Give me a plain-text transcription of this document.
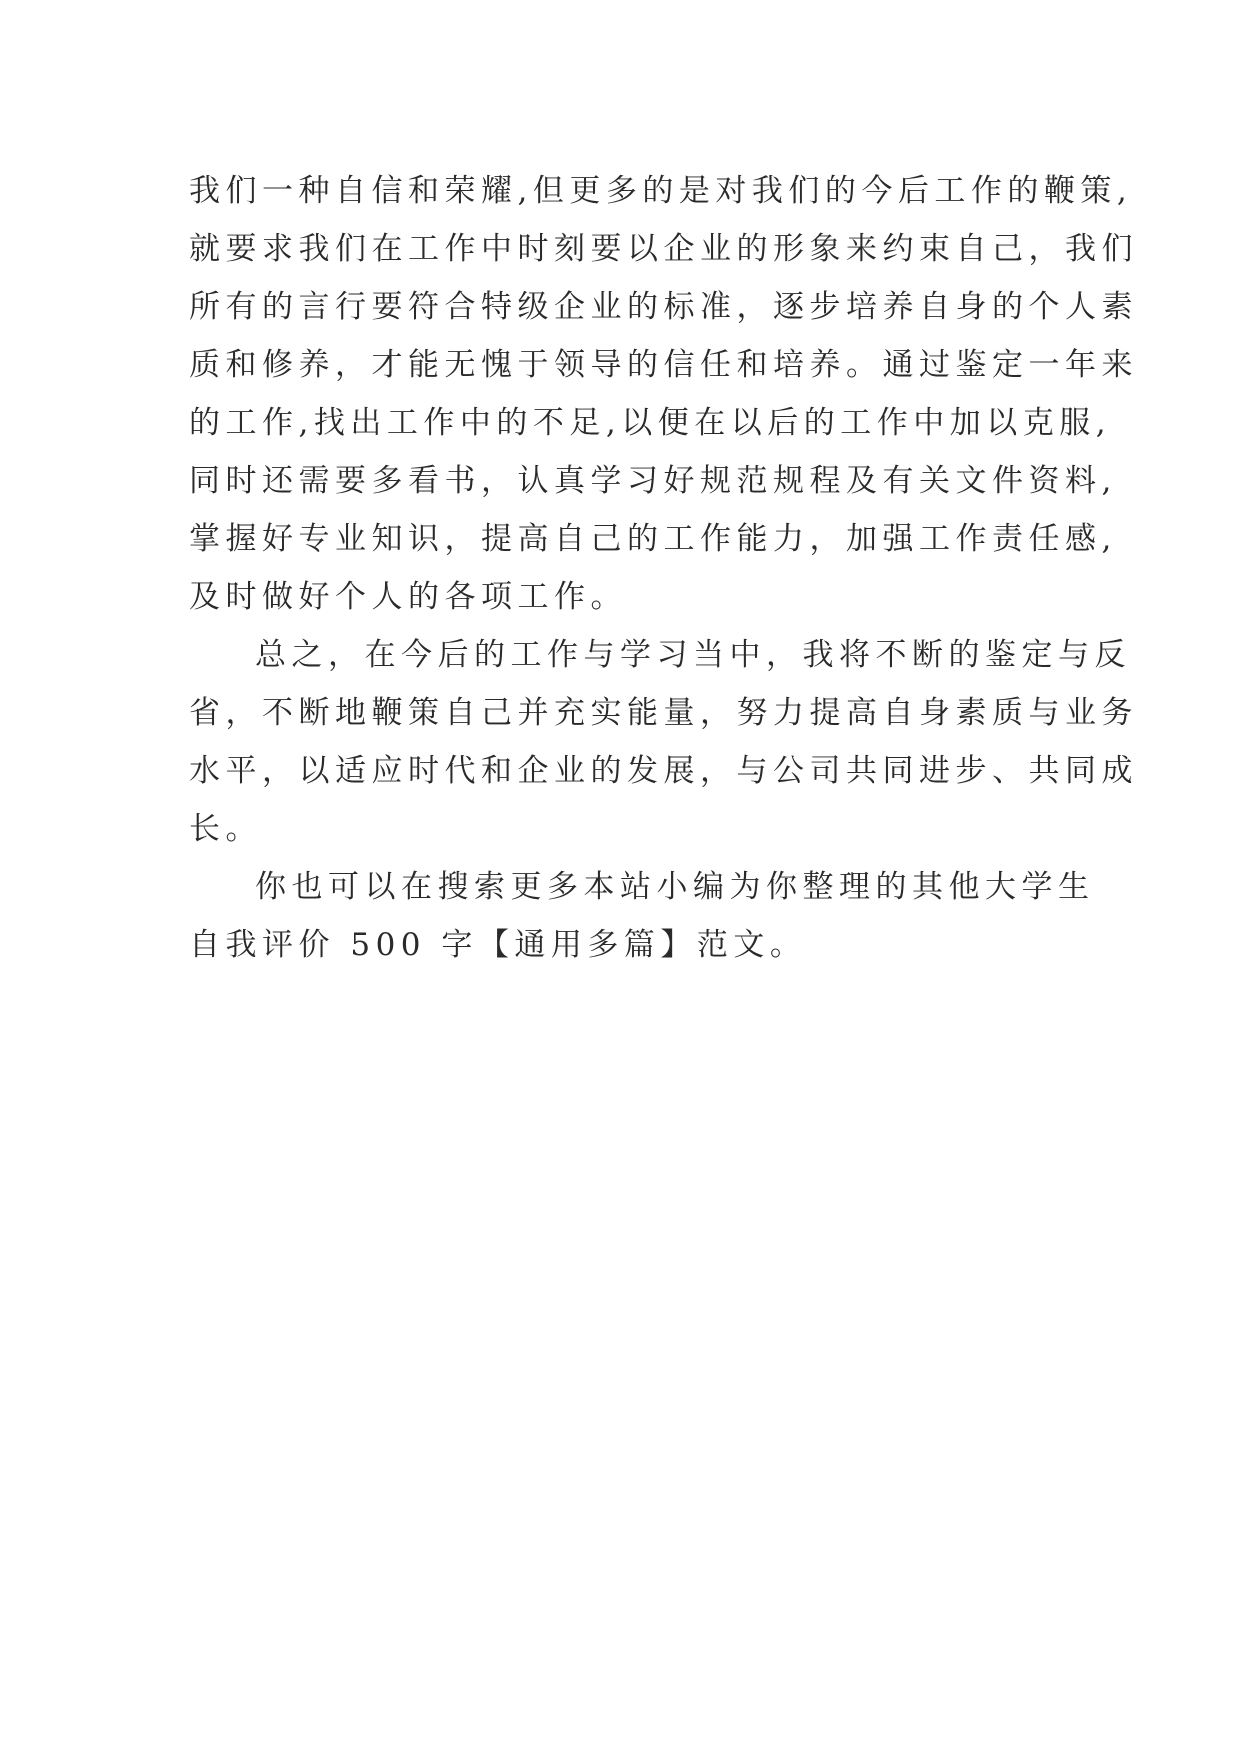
我们一种自信和荣耀,但更多的是对我们的今后工作的鞭策,
就要求我们在工作中时刻要以企业的形象来约束自己，我们
所有的言行要符合特级企业的标准，逐步培养自身的个人素
质和修养，才能无愧于领导的信任和培养。通过鉴定一年来
的工作,找出工作中的不足,以便在以后的工作中加以克服,
同时还需要多看书，认真学习好规范规程及有关文件资料,
掌握好专业知识，提高自己的工作能力，加强工作责任感,
及时做好个人的各项工作。

总之，在今后的工作与学习当中，我将不断的鉴定与反
省，不断地鞭策自己并充实能量，努力提高自身素质与业务
水平，以适应时代和企业的发展，与公司共同进步、共同成
长。

你也可以在搜索更多本站小编为你整理的其他大学生
自我评价 500 字【通用多篇】范文。
